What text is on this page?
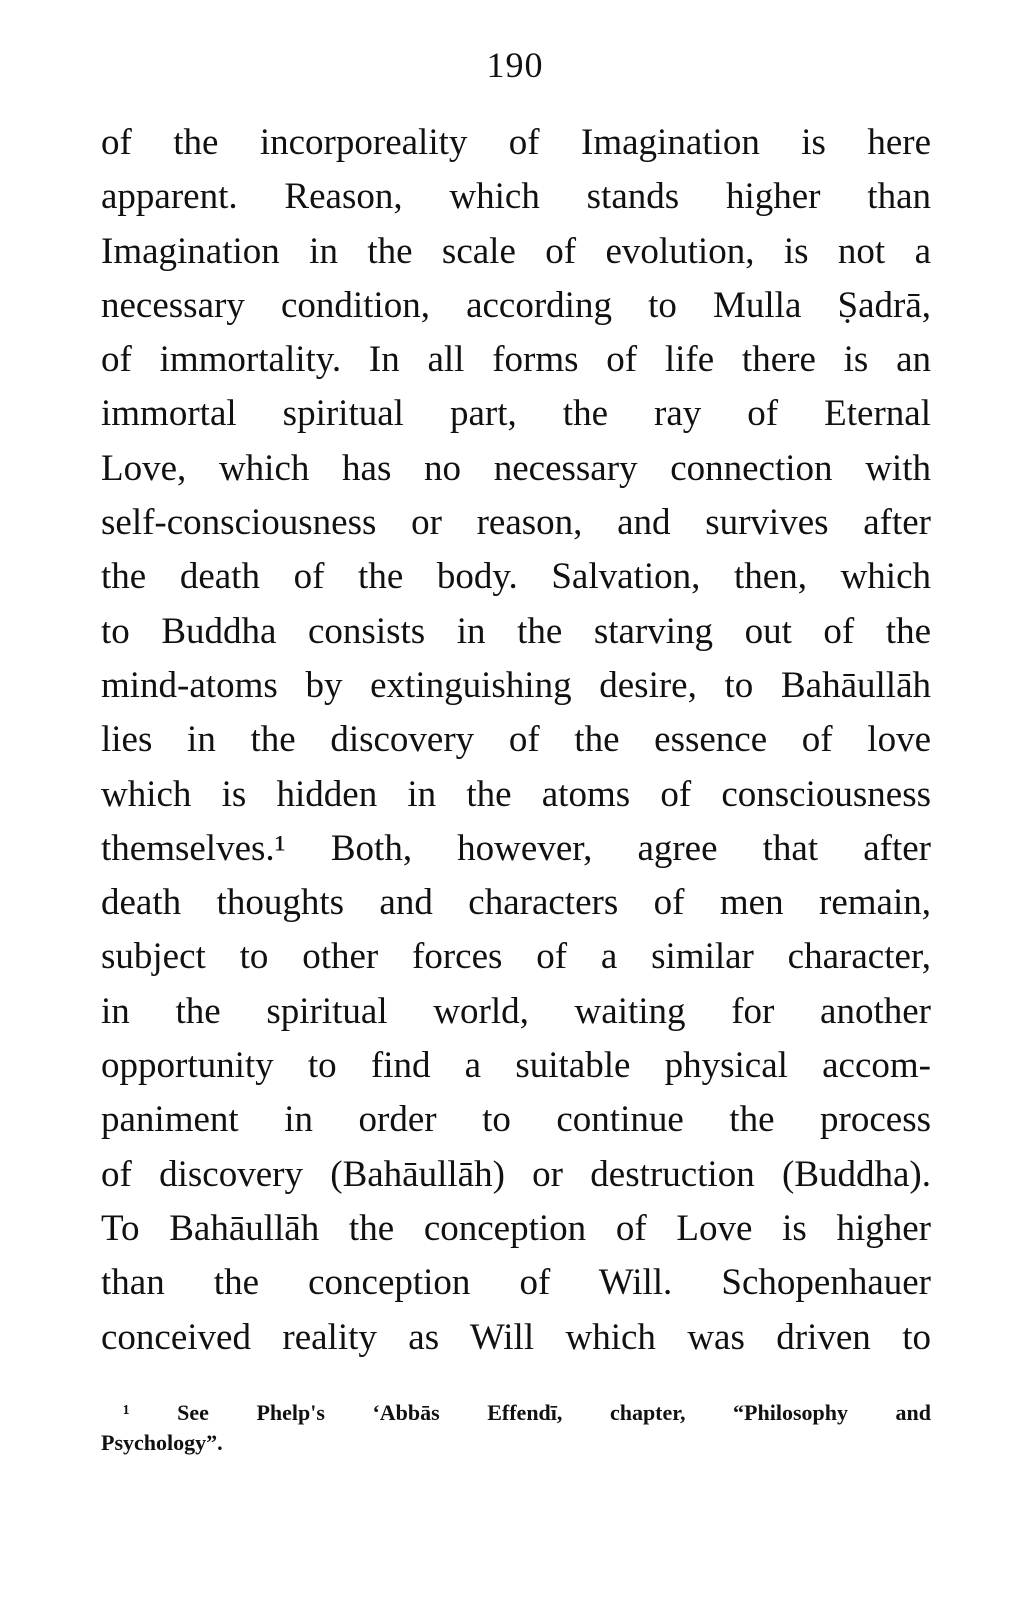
190
of the incorporeality of Imagination is here
apparent. Reason, which stands higher than
Imagination in the scale of evolution, is not a
necessary condition, according to Mulla Ṣadrā,
of immortality. In all forms of life there is an
immortal spiritual part, the ray of Eternal
Love, which has no necessary connection with
self-consciousness or reason, and survives after
the death of the body. Salvation, then, which
to Buddha consists in the starving out of the
mind-atoms by extinguishing desire, to Bahāullāh
lies in the discovery of the essence of love
which is hidden in the atoms of consciousness
themselves.¹ Both, however, agree that after
death thoughts and characters of men remain,
subject to other forces of a similar character,
in the spiritual world, waiting for another
opportunity to find a suitable physical accom-
paniment in order to continue the process
of discovery (Bahāullāh) or destruction (Buddha).
To Bahāullāh the conception of Love is higher
than the conception of Will. Schopenhauer
conceived reality as Will which was driven to
¹ See Phelp's ‘Abbās Effendī, chapter, “Philosophy and
Psychology”.
